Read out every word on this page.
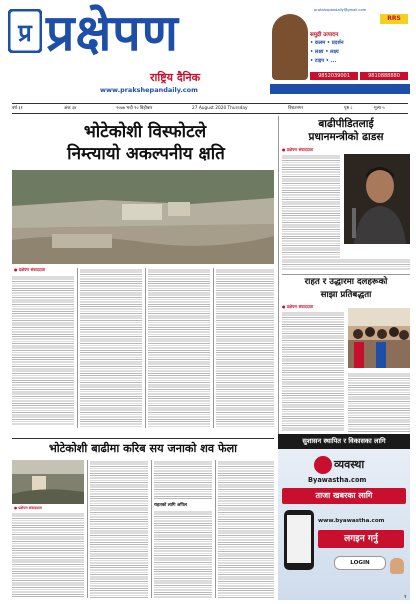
प्र प्रक्षेपण
राष्ट्रिय दैनिक
www.prakshepandaily.com
prakshepandaily@gmail.com
RRS
समुद्री उत्पादन
• कलम • प्रदर्शन
• लक्ष्य • लक्ष्य
• टाइप • ...
9852039001	9810888880
वर्ष ३१	अंक ३४	२०७७ भदौ १० बिहीबार	27 August 2020 Thursday	विराटनगर	पृष्ठ ८	मूल्य ५
भोटेकोशी विस्फोटले
निम्त्यायो अकल्पनीय क्षति
● प्रक्षेपण संवाददाता
बाढीपीडितलाई
प्रधानमन्त्रीको ढाडस
● प्रक्षेपण संवाददाता
राहत र उद्धारमा दलहरूको
साझा प्रतिबद्धता
● प्रक्षेपण संवाददाता
भोटेकोशी बाढीमा करिब सय जनाको शव फेला
● प्रक्षेपण संवाददाता	राहतको लागि अपिल
सुशासन स्थापित र विकासका लागि
व्यवस्था
Byawastha.com
ताजा खबरका लागि
www.byawastha.com
लगइन गर्नु
LOGIN
१
